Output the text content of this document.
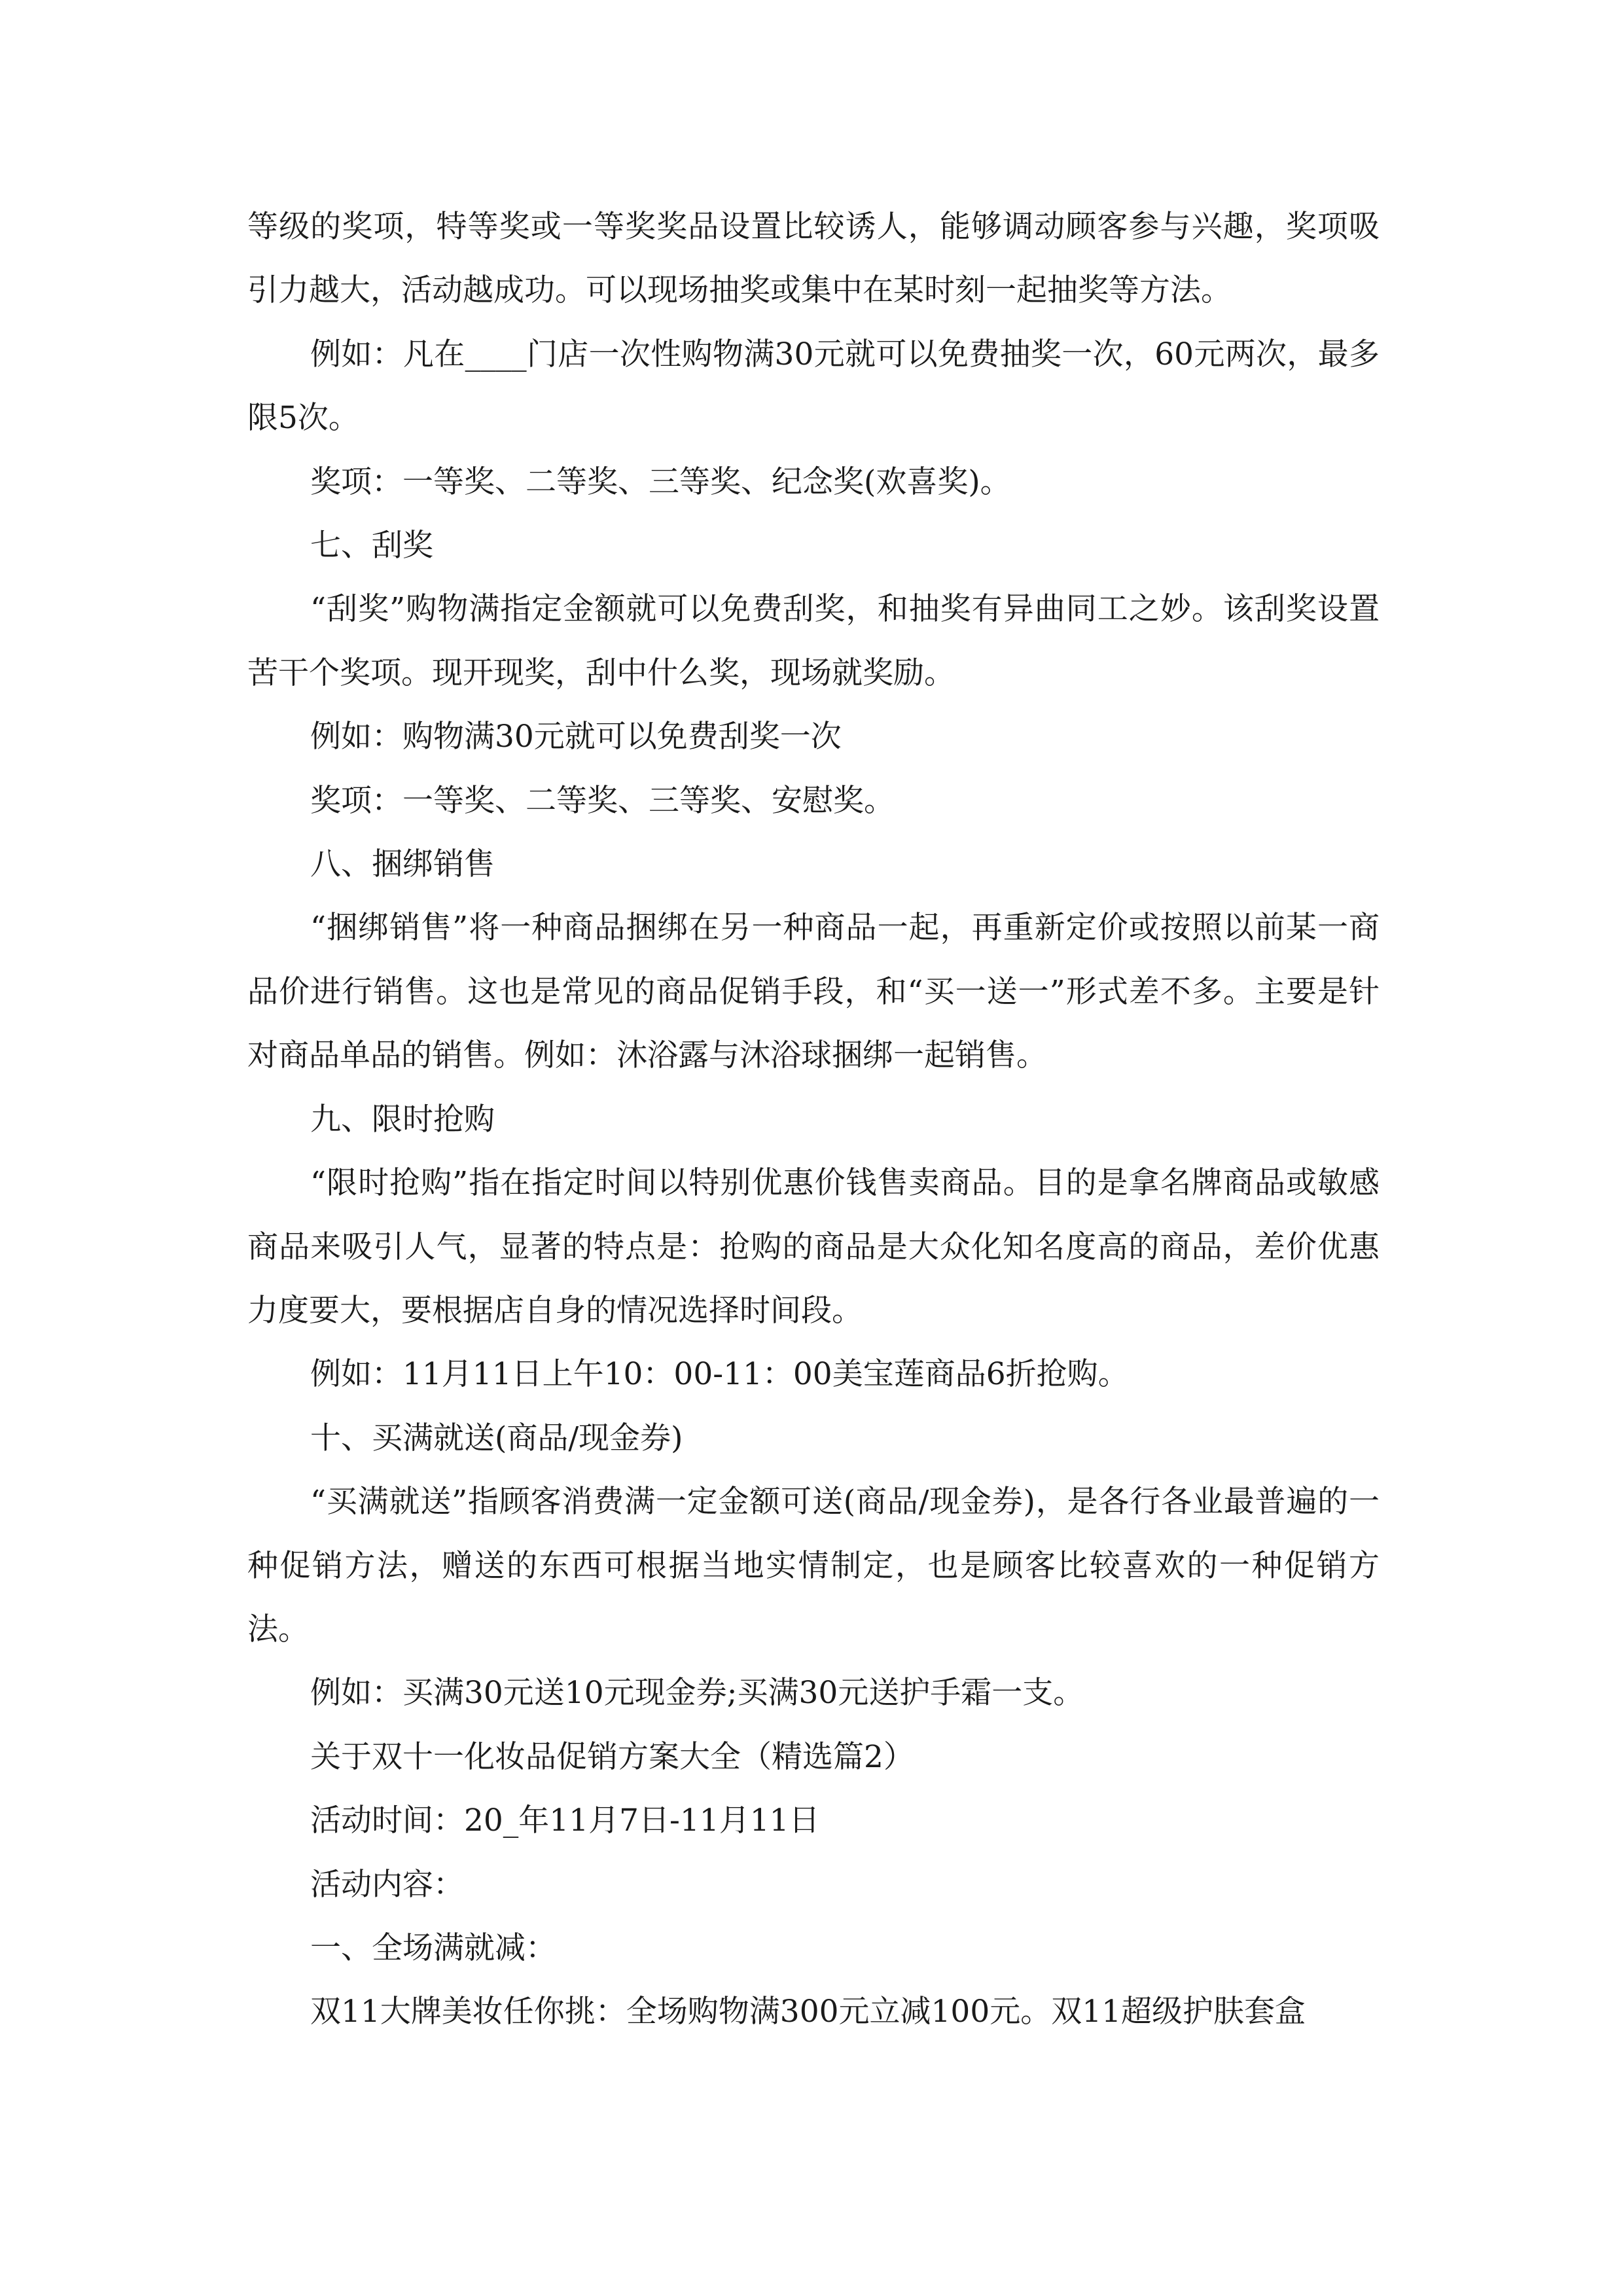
等级的奖项，特等奖或一等奖奖品设置比较诱人，能够调动顾客参与兴趣，奖项吸引力越大，活动越成功。可以现场抽奖或集中在某时刻一起抽奖等方法。

例如：凡在____门店一次性购物满30元就可以免费抽奖一次，60元两次，最多限5次。

奖项：一等奖、二等奖、三等奖、纪念奖(欢喜奖)。

七、刮奖

“刮奖”购物满指定金额就可以免费刮奖，和抽奖有异曲同工之妙。该刮奖设置苦干个奖项。现开现奖，刮中什么奖，现场就奖励。

例如：购物满30元就可以免费刮奖一次

奖项：一等奖、二等奖、三等奖、安慰奖。

八、捆绑销售

“捆绑销售”将一种商品捆绑在另一种商品一起，再重新定价或按照以前某一商品价进行销售。这也是常见的商品促销手段，和“买一送一”形式差不多。主要是针对商品单品的销售。例如：沐浴露与沐浴球捆绑一起销售。

九、限时抢购

“限时抢购”指在指定时间以特别优惠价钱售卖商品。目的是拿名牌商品或敏感商品来吸引人气，显著的特点是：抢购的商品是大众化知名度高的商品，差价优惠力度要大，要根据店自身的情况选择时间段。

例如：11月11日上午10：00-11：00美宝莲商品6折抢购。

十、买满就送(商品/现金券)

“买满就送”指顾客消费满一定金额可送(商品/现金券)，是各行各业最普遍的一种促销方法，赠送的东西可根据当地实情制定，也是顾客比较喜欢的一种促销方法。

例如：买满30元送10元现金券;买满30元送护手霜一支。

关于双十一化妆品促销方案大全（精选篇2）

活动时间：20_年11月7日-11月11日

活动内容：

一、全场满就减：

双11大牌美妆任你挑：全场购物满300元立减100元。双11超级护肤套盒
